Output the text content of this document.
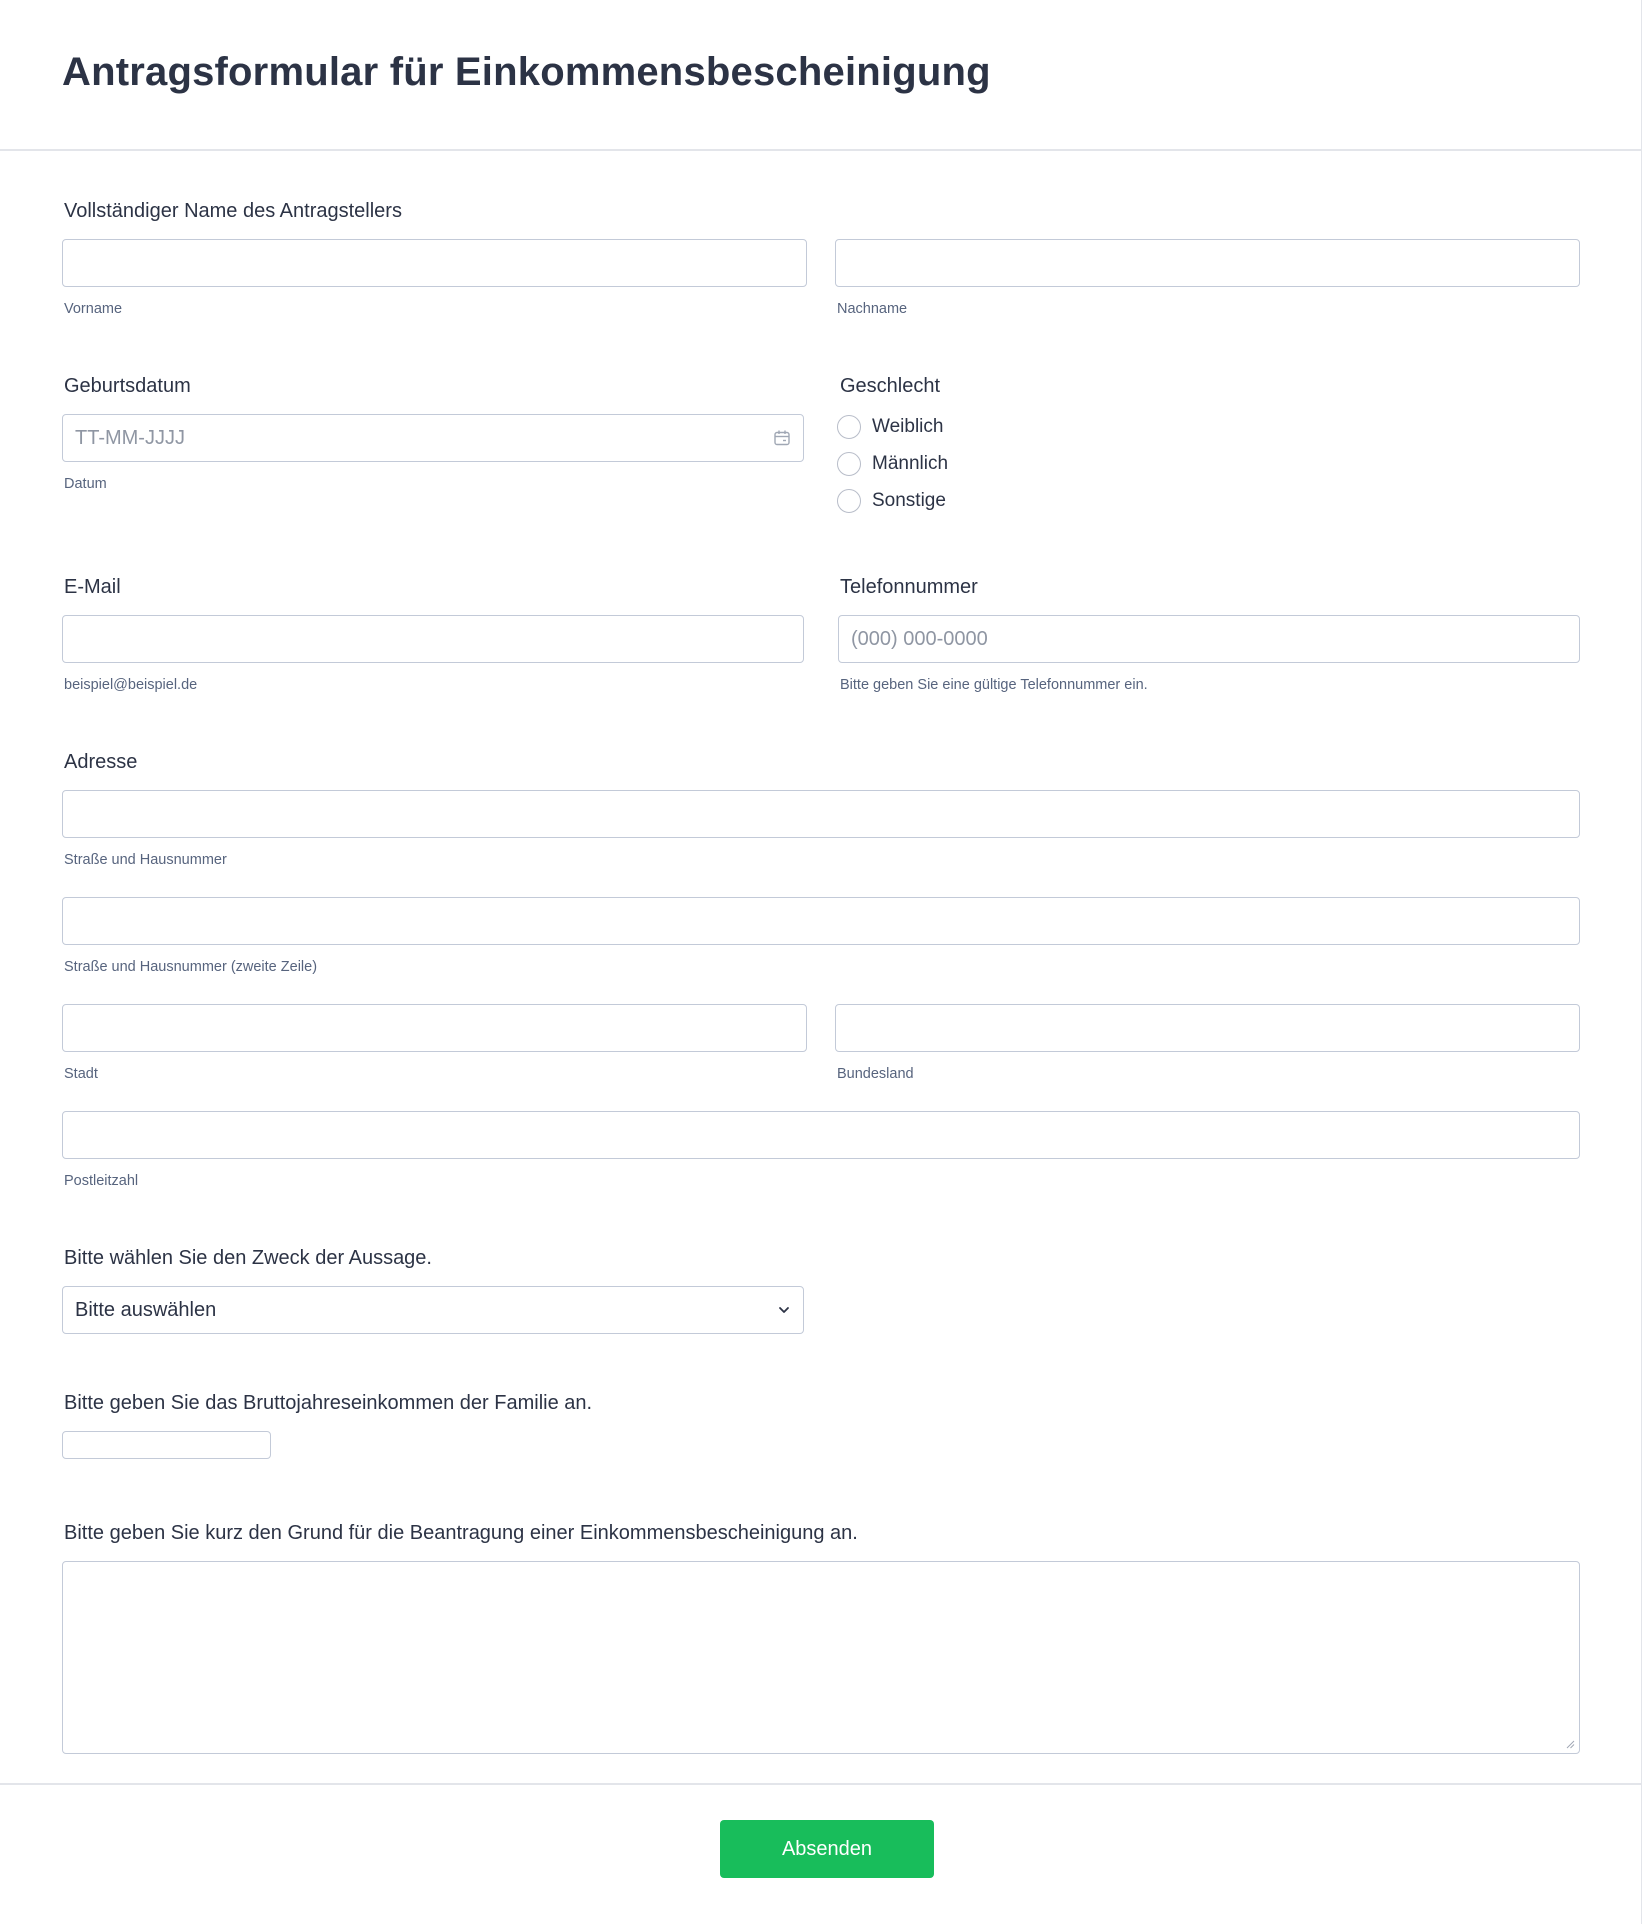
Antragsformular für Einkommensbescheinigung
Vollständiger Name des Antragstellers
Vorname	Nachname
Geburtsdatum
TT-MM-JJJJ
Datum
Geschlecht
Weiblich
Männlich
Sonstige
E-Mail
beispiel@beispiel.de
Telefonnummer
(000) 000-0000
Bitte geben Sie eine gültige Telefonnummer ein.
Adresse
Straße und Hausnummer
Straße und Hausnummer (zweite Zeile)
Stadt	Bundesland
Postleitzahl
Bitte wählen Sie den Zweck der Aussage.
Bitte auswählen
Bitte geben Sie das Bruttojahreseinkommen der Familie an.
Bitte geben Sie kurz den Grund für die Beantragung einer Einkommensbescheinigung an.
Absenden
